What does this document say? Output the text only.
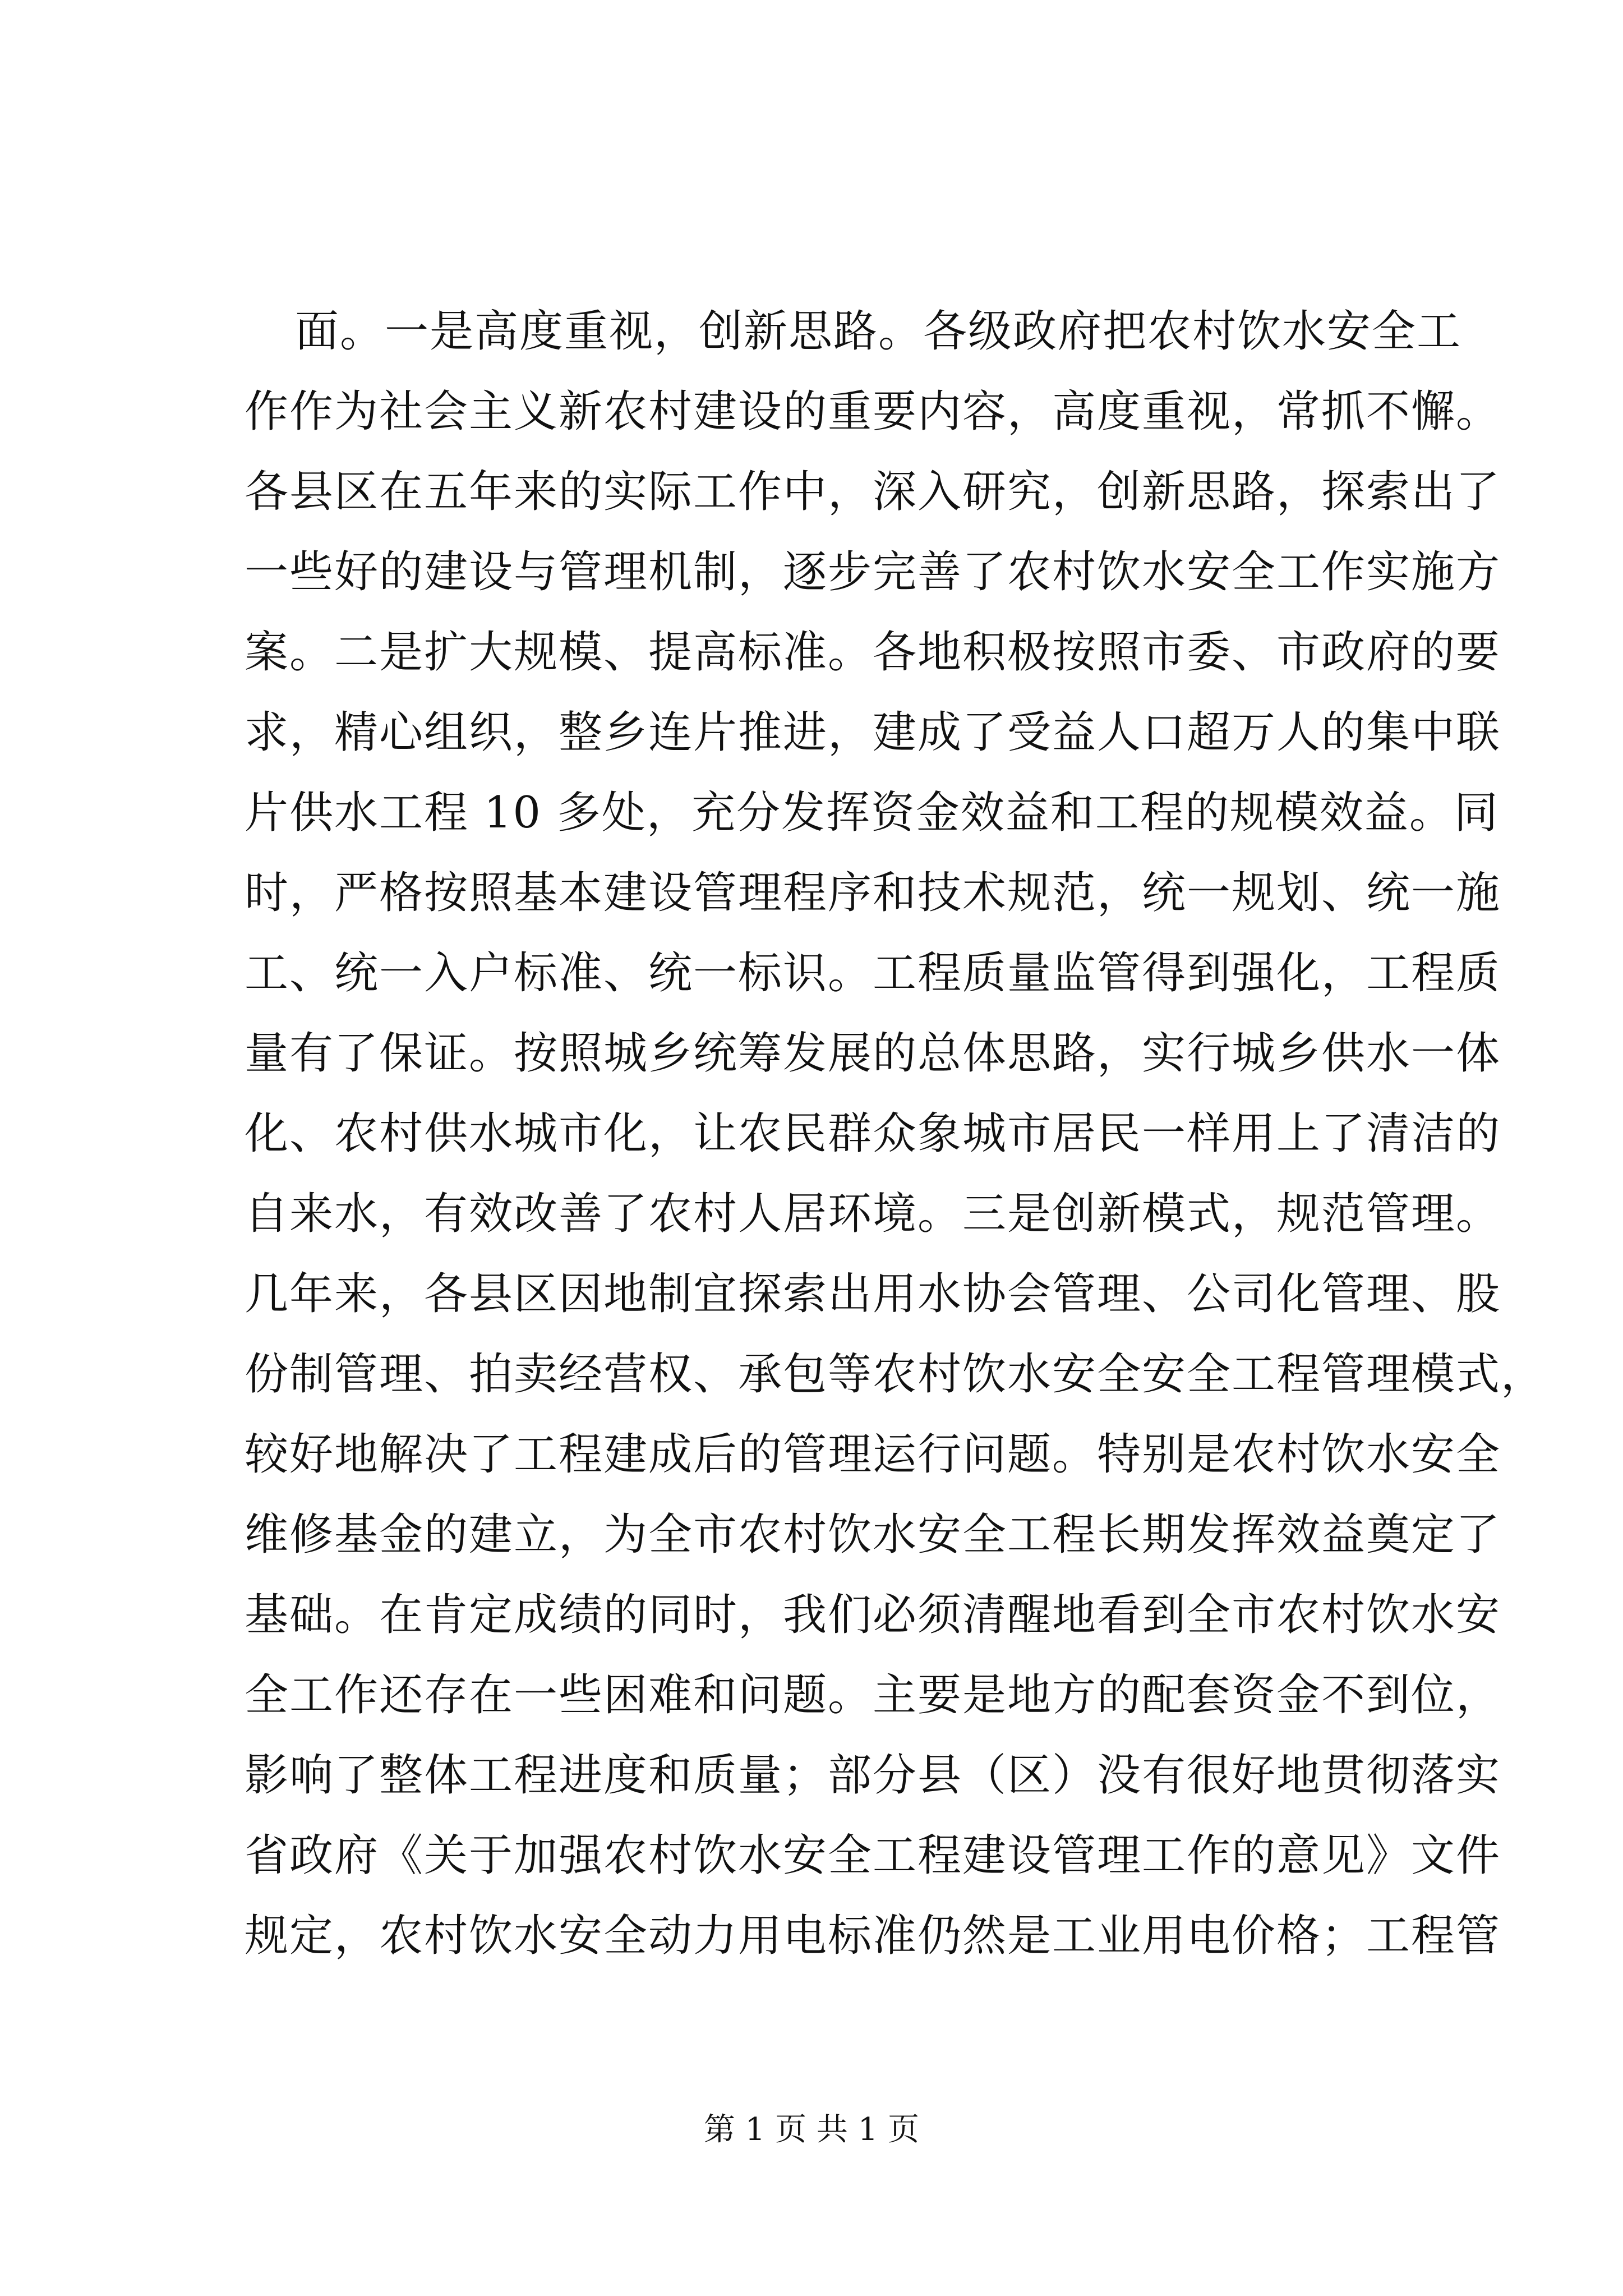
面。一是高度重视，创新思路。各级政府把农村饮水安全工
作作为社会主义新农村建设的重要内容，高度重视，常抓不懈。
各县区在五年来的实际工作中，深入研究，创新思路，探索出了
一些好的建设与管理机制，逐步完善了农村饮水安全工作实施方
案。二是扩大规模、提高标准。各地积极按照市委、市政府的要
求，精心组织，整乡连片推进，建成了受益人口超万人的集中联
片供水工程 10 多处，充分发挥资金效益和工程的规模效益。同
时，严格按照基本建设管理程序和技术规范，统一规划、统一施
工、统一入户标准、统一标识。工程质量监管得到强化，工程质
量有了保证。按照城乡统筹发展的总体思路，实行城乡供水一体
化、农村供水城市化，让农民群众象城市居民一样用上了清洁的
自来水，有效改善了农村人居环境。三是创新模式，规范管理。
几年来，各县区因地制宜探索出用水协会管理、公司化管理、股
份制管理、拍卖经营权、承包等农村饮水安全安全工程管理模式，
较好地解决了工程建成后的管理运行问题。特别是农村饮水安全
维修基金的建立，为全市农村饮水安全工程长期发挥效益奠定了
基础。在肯定成绩的同时，我们必须清醒地看到全市农村饮水安
全工作还存在一些困难和问题。主要是地方的配套资金不到位，
影响了整体工程进度和质量；部分县（区）没有很好地贯彻落实
省政府《关于加强农村饮水安全工程建设管理工作的意见》文件
规定，农村饮水安全动力用电标准仍然是工业用电价格；工程管
第 1 页 共 1 页
